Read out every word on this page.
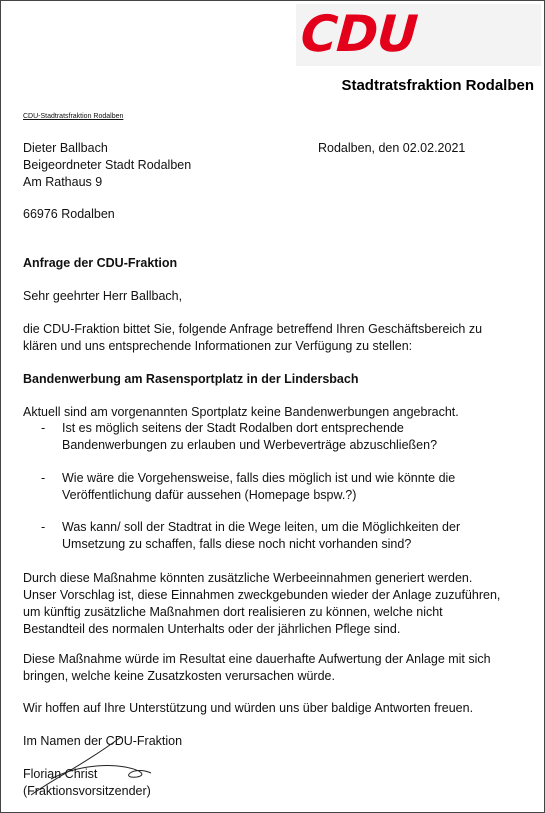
CDU
Stadtratsfraktion Rodalben
CDU-Stadtratsfraktion Rodalben
Dieter Ballbach
Beigeordneter Stadt Rodalben
Am Rathaus 9
66976 Rodalben
Rodalben, den 02.02.2021
Anfrage der CDU-Fraktion
Sehr geehrter Herr Ballbach,
die CDU-Fraktion bittet Sie, folgende Anfrage betreffend Ihren Geschäftsbereich zu klären und uns entsprechende Informationen zur Verfügung zu stellen:
Bandenwerbung am Rasensportplatz in der Lindersbach
Aktuell sind am vorgenannten Sportplatz keine Bandenwerbungen angebracht.
- Ist es möglich seitens der Stadt Rodalben dort entsprechende Bandenwerbungen zu erlauben und Werbeverträge abzuschließen?
- Wie wäre die Vorgehensweise, falls dies möglich ist und wie könnte die Veröffentlichung dafür aussehen (Homepage bspw.?)
- Was kann/ soll der Stadtrat in die Wege leiten, um die Möglichkeiten der Umsetzung zu schaffen, falls diese noch nicht vorhanden sind?
Durch diese Maßnahme könnten zusätzliche Werbeeinnahmen generiert werden. Unser Vorschlag ist, diese Einnahmen zweckgebunden wieder der Anlage zuzuführen, um künftig zusätzliche Maßnahmen dort realisieren zu können, welche nicht Bestandteil des normalen Unterhalts oder der jährlichen Pflege sind.
Diese Maßnahme würde im Resultat eine dauerhafte Aufwertung der Anlage mit sich bringen, welche keine Zusatzkosten verursachen würde.
Wir hoffen auf Ihre Unterstützung und würden uns über baldige Antworten freuen.
Im Namen der CDU-Fraktion
Florian Christ
(Fraktionsvorsitzender)
